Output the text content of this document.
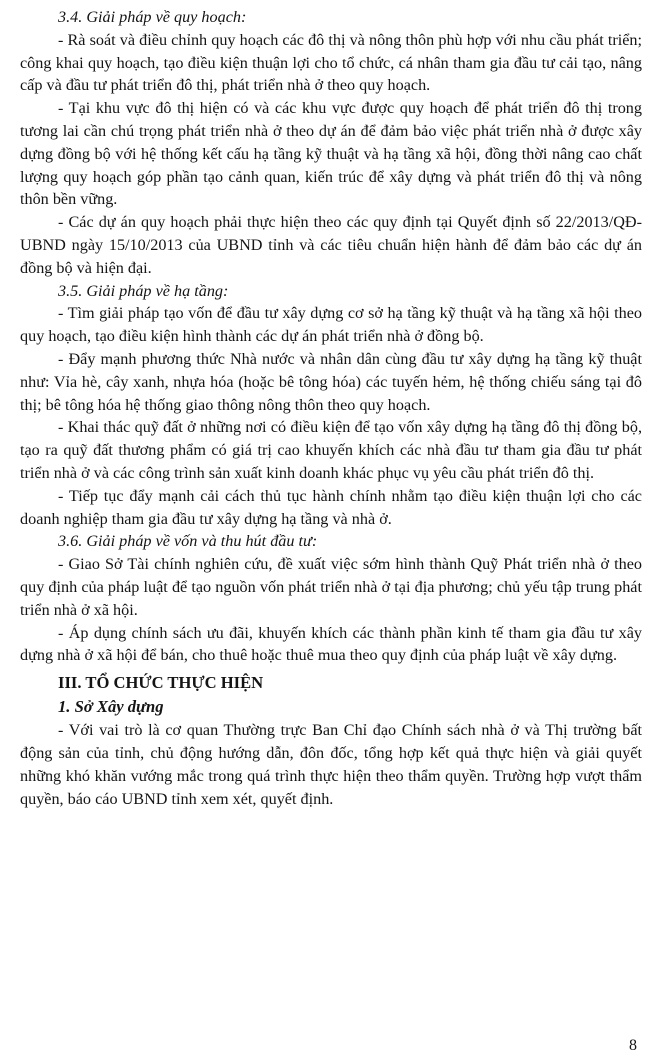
3.4. Giải pháp về quy hoạch:

- Rà soát và điều chỉnh quy hoạch các đô thị và nông thôn phù hợp với nhu cầu phát triển; công khai quy hoạch, tạo điều kiện thuận lợi cho tổ chức, cá nhân tham gia đầu tư cải tạo, nâng cấp và đầu tư phát triển đô thị, phát triển nhà ở theo quy hoạch.

- Tại khu vực đô thị hiện có và các khu vực được quy hoạch để phát triển đô thị trong tương lai cần chú trọng phát triển nhà ở theo dự án để đảm bảo việc phát triển nhà ở được xây dựng đồng bộ với hệ thống kết cấu hạ tầng kỹ thuật và hạ tầng xã hội, đồng thời nâng cao chất lượng quy hoạch góp phần tạo cảnh quan, kiến trúc để xây dựng và phát triển đô thị và nông thôn bền vững.

- Các dự án quy hoạch phải thực hiện theo các quy định tại Quyết định số 22/2013/QĐ-UBND ngày 15/10/2013 của UBND tỉnh và các tiêu chuẩn hiện hành để đảm bảo các dự án đồng bộ và hiện đại.

3.5. Giải pháp về hạ tầng:

- Tìm giải pháp tạo vốn để đầu tư xây dựng cơ sở hạ tầng kỹ thuật và hạ tầng xã hội theo quy hoạch, tạo điều kiện hình thành các dự án phát triển nhà ở đồng bộ.

- Đẩy mạnh phương thức Nhà nước và nhân dân cùng đầu tư xây dựng hạ tầng kỹ thuật như: Vỉa hè, cây xanh, nhựa hóa (hoặc bê tông hóa) các tuyến hẻm, hệ thống chiếu sáng tại đô thị; bê tông hóa hệ thống giao thông nông thôn theo quy hoạch.

- Khai thác quỹ đất ở những nơi có điều kiện để tạo vốn xây dựng hạ tầng đô thị đồng bộ, tạo ra quỹ đất thương phẩm có giá trị cao khuyến khích các nhà đầu tư tham gia đầu tư phát triển nhà ở và các công trình sản xuất kinh doanh khác phục vụ yêu cầu phát triển đô thị.

- Tiếp tục đẩy mạnh cải cách thủ tục hành chính nhằm tạo điều kiện thuận lợi cho các doanh nghiệp tham gia đầu tư xây dựng hạ tầng và nhà ở.

3.6. Giải pháp về vốn và thu hút đầu tư:

- Giao Sở Tài chính nghiên cứu, đề xuất việc sớm hình thành Quỹ Phát triển nhà ở theo quy định của pháp luật để tạo nguồn vốn phát triển nhà ở tại địa phương; chủ yếu tập trung phát triển nhà ở xã hội.

- Áp dụng chính sách ưu đãi, khuyến khích các thành phần kinh tế tham gia đầu tư xây dựng nhà ở xã hội để bán, cho thuê hoặc thuê mua theo quy định của pháp luật về xây dựng.

III. TỔ CHỨC THỰC HIỆN

1. Sở Xây dựng

- Với vai trò là cơ quan Thường trực Ban Chỉ đạo Chính sách nhà ở và Thị trường bất động sản của tỉnh, chủ động hướng dẫn, đôn đốc, tổng hợp kết quả thực hiện và giải quyết những khó khăn vướng mắc trong quá trình thực hiện theo thẩm quyền. Trường hợp vượt thẩm quyền, báo cáo UBND tỉnh xem xét, quyết định.

8
